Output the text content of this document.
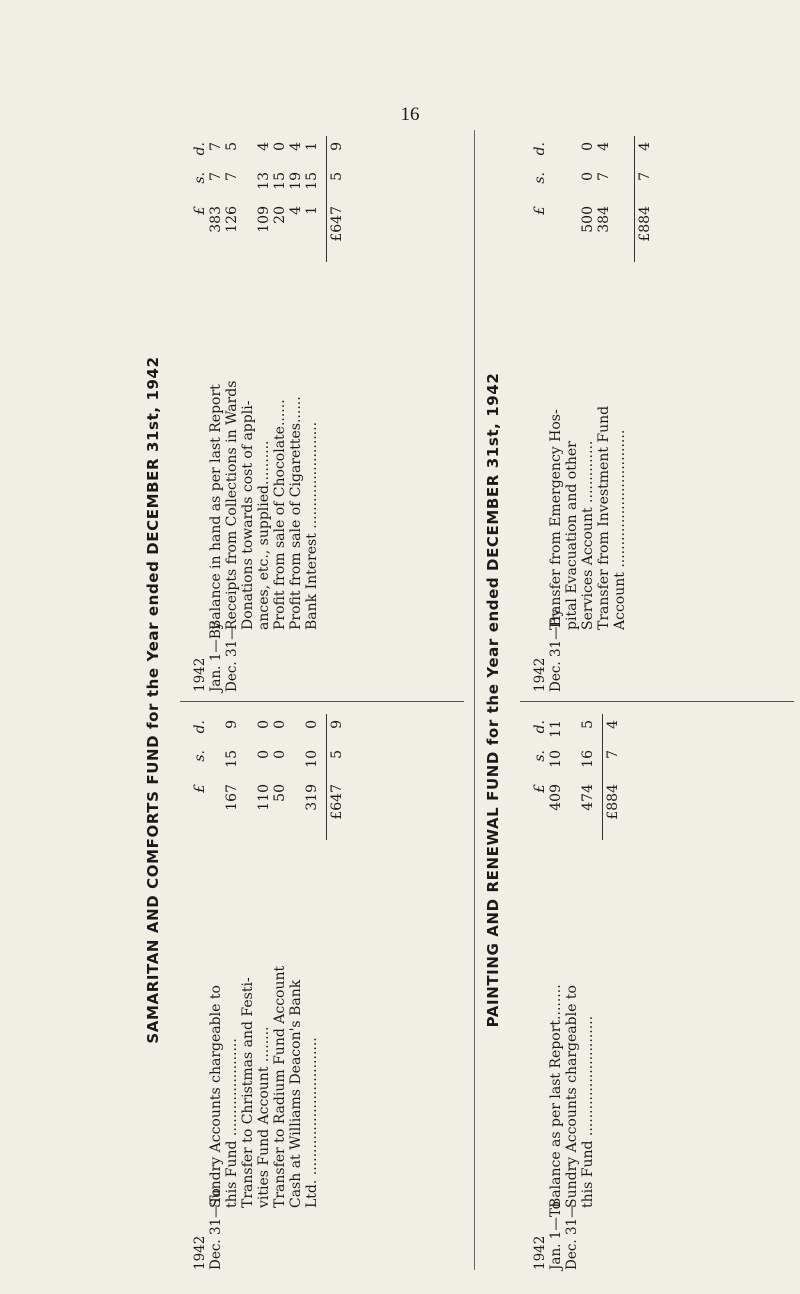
16
SAMARITAN AND COMFORTS FUND for the Year ended DECEMBER 31st, 1942
1942
£
s.
d.
Dec. 31—To
Sundry Accounts chargeable to this Fund ......................
167
15
9
Transfer to Christmas and Festi- vities Fund Account ........
110
0
0
Transfer to Radium Fund Account
50
0
0
Cash at Williams Deacon's Bank Ltd. ...............................
319
10
0
£647
5
9
1942
£
s.
d.
Jan. 1—By
Balance in hand as per last Report
383
7
7
Dec. 31—
Receipts from Collections in Wards
126
7
5
Donations towards cost of appli- ances, etc., supplied..........
109
13
4
Profit from sale of Chocolate......
20
15
0
Profit from sale of Cigarettes......
4
19
4
Bank Interest ........................
1
15
1
£647
5
9
PAINTING AND RENEWAL FUND for the Year ended DECEMBER 31st, 1942
1942
£
s.
d.
Jan. 1—To
Balance as per last Report........
409
10
11
Dec. 31—
Sundry Accounts chargeable to this Fund ...........................
474
16
5
£884
7
4
1942
£
s.
d.
Dec. 31—By
Transfer from Emergency Hos- pital Evacuation and other Services Account ..............
500
0
0
Transfer from Investment Fund
384
7
4
Account ...............................
£884
7
4
